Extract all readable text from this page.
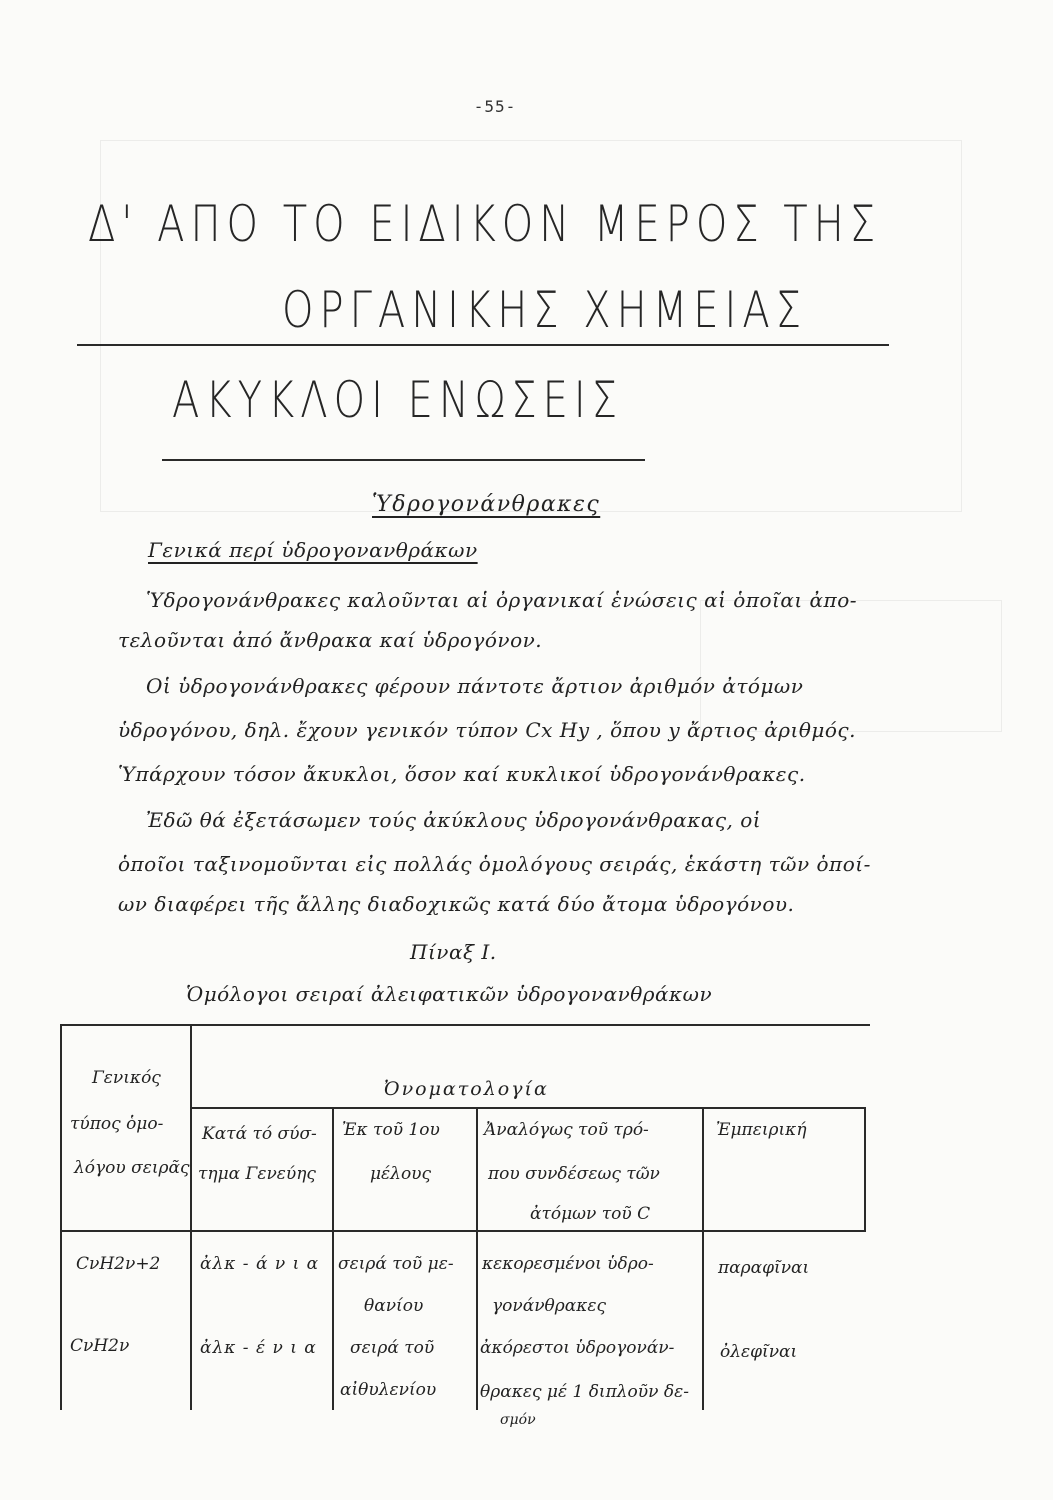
-55-
Δ' ΑΠΟ ΤΟ ΕΙΔΙΚΟΝ ΜΕΡΟΣ ΤΗΣ
ΟΡΓΑΝΙΚΗΣ ΧΗΜΕΙΑΣ
ΑΚΥΚΛΟΙ ΕΝΩΣΕΙΣ
Ὑδρογονάνθρακες
Γενικά περί ὑδρογονανθράκων
Ὑδρογονάνθρακες καλοῦνται αἱ ὀργανικαί ἑνώσεις αἱ ὁποῖαι ἀπο-
τελοῦνται ἀπό ἄνθρακα καί ὑδρογόνον.
Οἱ ὑδρογονάνθρακες φέρουν πάντοτε ἄρτιον ἀριθμόν ἀτόμων
ὑδρογόνου, δηλ. ἔχουν γενικόν τύπον Cx Hy , ὅπου y ἄρτιος ἀριθμός.
Ὑπάρχουν τόσον ἄκυκλοι, ὅσον καί κυκλικοί ὑδρογονάνθρακες.
Ἐδῶ θά ἐξετάσωμεν τούς ἀκύκλους ὑδρογονάνθρακας, οἱ
ὁποῖοι ταξινομοῦνται εἰς πολλάς ὁμολόγους σειράς, ἑκάστη τῶν ὁποί-
ων διαφέρει τῆς ἄλλης διαδοχικῶς κατά δύο ἄτομα ὑδρογόνου.
Πίναξ Ι.
Ὁμόλογοι σειραί ἀλειφατικῶν ὑδρογονανθράκων
Γενικός
τύπος ὁμο-
λόγου σειρᾶς
Ὀνοματολογία
Κατά τό σύσ-
τημα Γενεύης
Ἐκ τοῦ 1ου
μέλους
Ἀναλόγως τοῦ τρό-
που συνδέσεως τῶν
ἀτόμων τοῦ C
Ἐμπειρική
CνH2ν+2 ἀλκ - ά ν ι α σειρά τοῦ με-
θανίου
κεκορεσμένοι ὑδρο-
γονάνθρακες
παραφῖναι
CνH2ν	ἀλκ - έ ν ι α σειρά τοῦ
αἰθυλενίου
ἀκόρεστοι ὑδρογονάν-
θρακες μέ 1 διπλοῦν δε-
σμόν
ὀλεφῖναι
